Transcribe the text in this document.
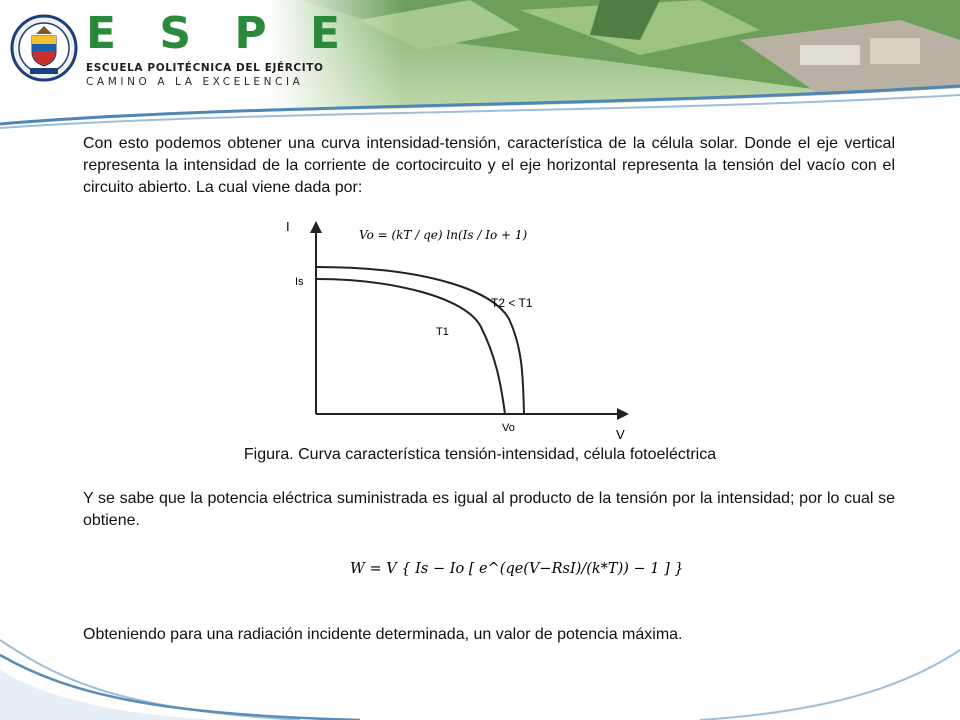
E S P E
ESCUELA POLITÉCNICA DEL EJÉRCITO
CAMINO A LA EXCELENCIA

Con esto podemos obtener una curva intensidad-tensión, característica de la célula solar. Donde el eje vertical representa la intensidad de la corriente de cortocircuito y el eje horizontal representa la tensión del vacío con el circuito abierto. La cual viene dada por:

I
V
Is
Vo
T1
T2 < T1
Vo = (kT / qe) ln(Is / Io + 1)
Figura. Curva característica tensión-intensidad, célula fotoeléctrica

Y se sabe que la potencia eléctrica suministrada es igual al producto de la tensión por la intensidad; por lo cual se obtiene.

W = V { Is − Io [ e^(qe(V−RsI)/(k*T)) − 1 ] }

Obteniendo para una radiación incidente determinada, un valor de potencia máxima.
